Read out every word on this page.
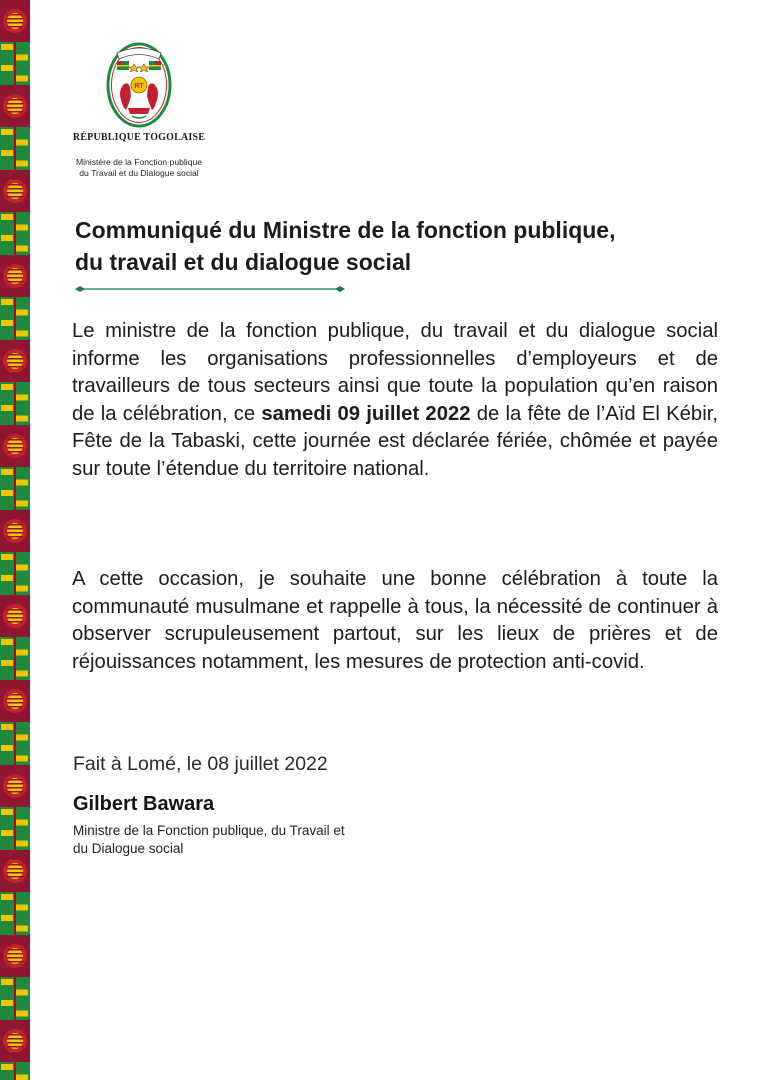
RT
RÉPUBLIQUE TOGOLAISE
Ministère de la Fonction publique
du Travail et du Dialogue social
Communiqué du Ministre de la fonction publique,
du travail et du dialogue social

Le ministre de la fonction publique, du travail et du dialogue social informe les organisations professionnelles d’employeurs et de travailleurs de tous secteurs ainsi que toute la population qu’en raison de la célébration, ce samedi 09 juillet 2022 de la fête de l’Aïd El Kébir, Fête de la Tabaski, cette journée est déclarée fériée, chômée et payée sur toute l’étendue du territoire national.

A cette occasion, je souhaite une bonne célébration à toute la communauté musulmane et rappelle à tous, la nécessité de continuer à observer scrupuleusement partout, sur les lieux de prières et de réjouissances notamment, les mesures de protection anti-covid.

Fait à Lomé, le 08 juillet 2022
Gilbert Bawara
Ministre de la Fonction publique, du Travail et
du Dialogue social
